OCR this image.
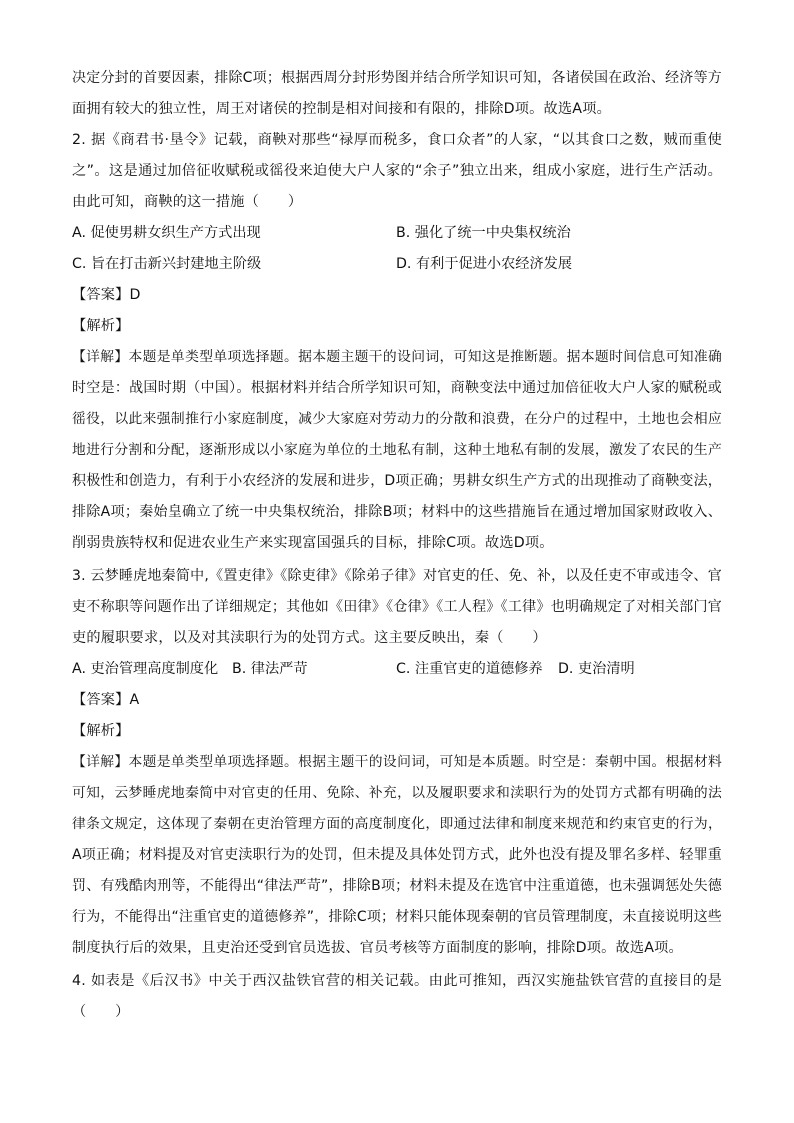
决定分封的首要因素，排除C项；根据西周分封形势图并结合所学知识可知，各诸侯国在政治、经济等方
面拥有较大的独立性，周王对诸侯的控制是相对间接和有限的，排除D项。故选A项。
2. 据《商君书·垦令》记载，商鞅对那些“禄厚而税多，食口众者”的人家，“以其食口之数，贼而重使
之”。这是通过加倍征收赋税或徭役来迫使大户人家的“余子”独立出来，组成小家庭，进行生产活动。
由此可知，商鞅的这一措施（　　）
A. 促使男耕女织生产方式出现	B. 强化了统一中央集权统治
C. 旨在打击新兴封建地主阶级	D. 有利于促进小农经济发展
【答案】D
【解析】
【详解】本题是单类型单项选择题。据本题主题干的设问词，可知这是推断题。据本题时间信息可知准确
时空是：战国时期（中国）。根据材料并结合所学知识可知，商鞅变法中通过加倍征收大户人家的赋税或
徭役，以此来强制推行小家庭制度，减少大家庭对劳动力的分散和浪费，在分户的过程中，土地也会相应
地进行分割和分配，逐渐形成以小家庭为单位的土地私有制，这种土地私有制的发展，激发了农民的生产
积极性和创造力，有利于小农经济的发展和进步，D项正确；男耕女织生产方式的出现推动了商鞅变法，
排除A项；秦始皇确立了统一中央集权统治，排除B项；材料中的这些措施旨在通过增加国家财政收入、
削弱贵族特权和促进农业生产来实现富国强兵的目标，排除C项。故选D项。
3. 云梦睡虎地秦简中,《置吏律》《除吏律》《除弟子律》对官吏的任、免、补，以及任吏不审或违令、官
吏不称职等问题作出了详细规定；其他如《田律》《仓律》《工人程》《工律》也明确规定了对相关部门官
吏的履职要求，以及对其渎职行为的处罚方式。这主要反映出，秦（　　）
A. 吏治管理高度制度化 B. 律法严苛	C. 注重官吏的道德修养 D. 吏治清明
【答案】A
【解析】
【详解】本题是单类型单项选择题。根据主题干的设问词，可知是本质题。时空是：秦朝中国。根据材料
可知，云梦睡虎地秦简中对官吏的任用、免除、补充，以及履职要求和渎职行为的处罚方式都有明确的法
律条文规定，这体现了秦朝在吏治管理方面的高度制度化，即通过法律和制度来规范和约束官吏的行为，
A项正确；材料提及对官吏渎职行为的处罚，但未提及具体处罚方式，此外也没有提及罪名多样、轻罪重
罚、有残酷肉刑等，不能得出“律法严苛”，排除B项；材料未提及在选官中注重道德，也未强调惩处失德
行为，不能得出“注重官吏的道德修养”，排除C项；材料只能体现秦朝的官员管理制度，未直接说明这些
制度执行后的效果，且吏治还受到官员选拔、官员考核等方面制度的影响，排除D项。故选A项。
4. 如表是《后汉书》中关于西汉盐铁官营的相关记载。由此可推知，西汉实施盐铁官营的直接目的是
（　　）
